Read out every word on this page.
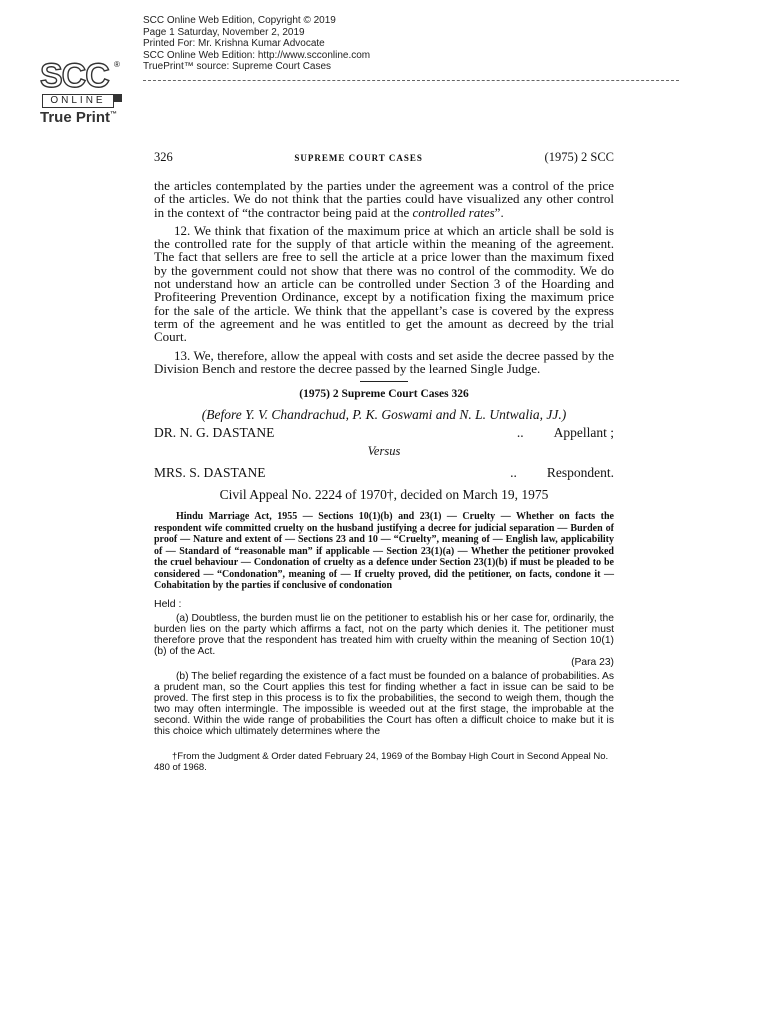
SCC Online Web Edition, Copyright © 2019
Page 1 Saturday, November 2, 2019
Printed For: Mr. Krishna Kumar Advocate
SCC Online Web Edition: http://www.scconline.com
TruePrint™ source: Supreme Court Cases
SCC ®
ONLINE
True Print™
326	SUPREME COURT CASES	(1975) 2 SCC

the articles contemplated by the parties under the agreement was a control of the price of the articles. We do not think that the parties could have visualized any other control in the context of “the contractor being paid at the controlled rates”.

12. We think that fixation of the maximum price at which an article shall be sold is the controlled rate for the supply of that article within the meaning of the agreement. The fact that sellers are free to sell the article at a price lower than the maximum fixed by the government could not show that there was no control of the commodity. We do not understand how an article can be controlled under Section 3 of the Hoarding and Profiteering Prevention Ordinance, except by a notification fixing the maximum price for the sale of the article. We think that the appellant’s case is covered by the express term of the agreement and he was entitled to get the amount as decreed by the trial Court.

13. We, therefore, allow the appeal with costs and set aside the decree passed by the Division Bench and restore the decree passed by the learned Single Judge.

(1975) 2 Supreme Court Cases 326
(Before Y. V. Chandrachud, P. K. Goswami and N. L. Untwalia, JJ.)
DR. N. G. DASTANE	.. Appellant ;
Versus
MRS. S. DASTANE	.. Respondent.
Civil Appeal No. 2224 of 1970†, decided on March 19, 1975
Hindu Marriage Act, 1955 — Sections 10(1)(b) and 23(1) — Cruelty — Whether on facts the respondent wife committed cruelty on the husband justifying a decree for judicial separation — Burden of proof — Nature and extent of — Sections 23 and 10 — “Cruelty”, meaning of — English law, applicability of — Standard of “reasonable man” if applicable — Section 23(1)(a) — Whether the petitioner provoked the cruel behaviour — Condonation of cruelty as a defence under Section 23(1)(b) if must be pleaded to be considered — “Condonation”, meaning of — If cruelty proved, did the petitioner, on facts, condone it — Cohabitation by the parties if conclusive of condonation
Held :

(a) Doubtless, the burden must lie on the petitioner to establish his or her case for, ordinarily, the burden lies on the party which affirms a fact, not on the party which denies it. The petitioner must therefore prove that the respondent has treated him with cruelty within the meaning of Section 10(1)(b) of the Act.
(Para 23)

(b) The belief regarding the existence of a fact must be founded on a balance of probabilities. As a prudent man, so the Court applies this test for finding whether a fact in issue can be said to be proved. The first step in this process is to fix the probabilities, the second to weigh them, though the two may often intermingle. The impossible is weeded out at the first stage, the improbable at the second. Within the wide range of probabilities the Court has often a difficult choice to make but it is this choice which ultimately determines where the

†From the Judgment & Order dated February 24, 1969 of the Bombay High Court in Second Appeal No. 480 of 1968.
